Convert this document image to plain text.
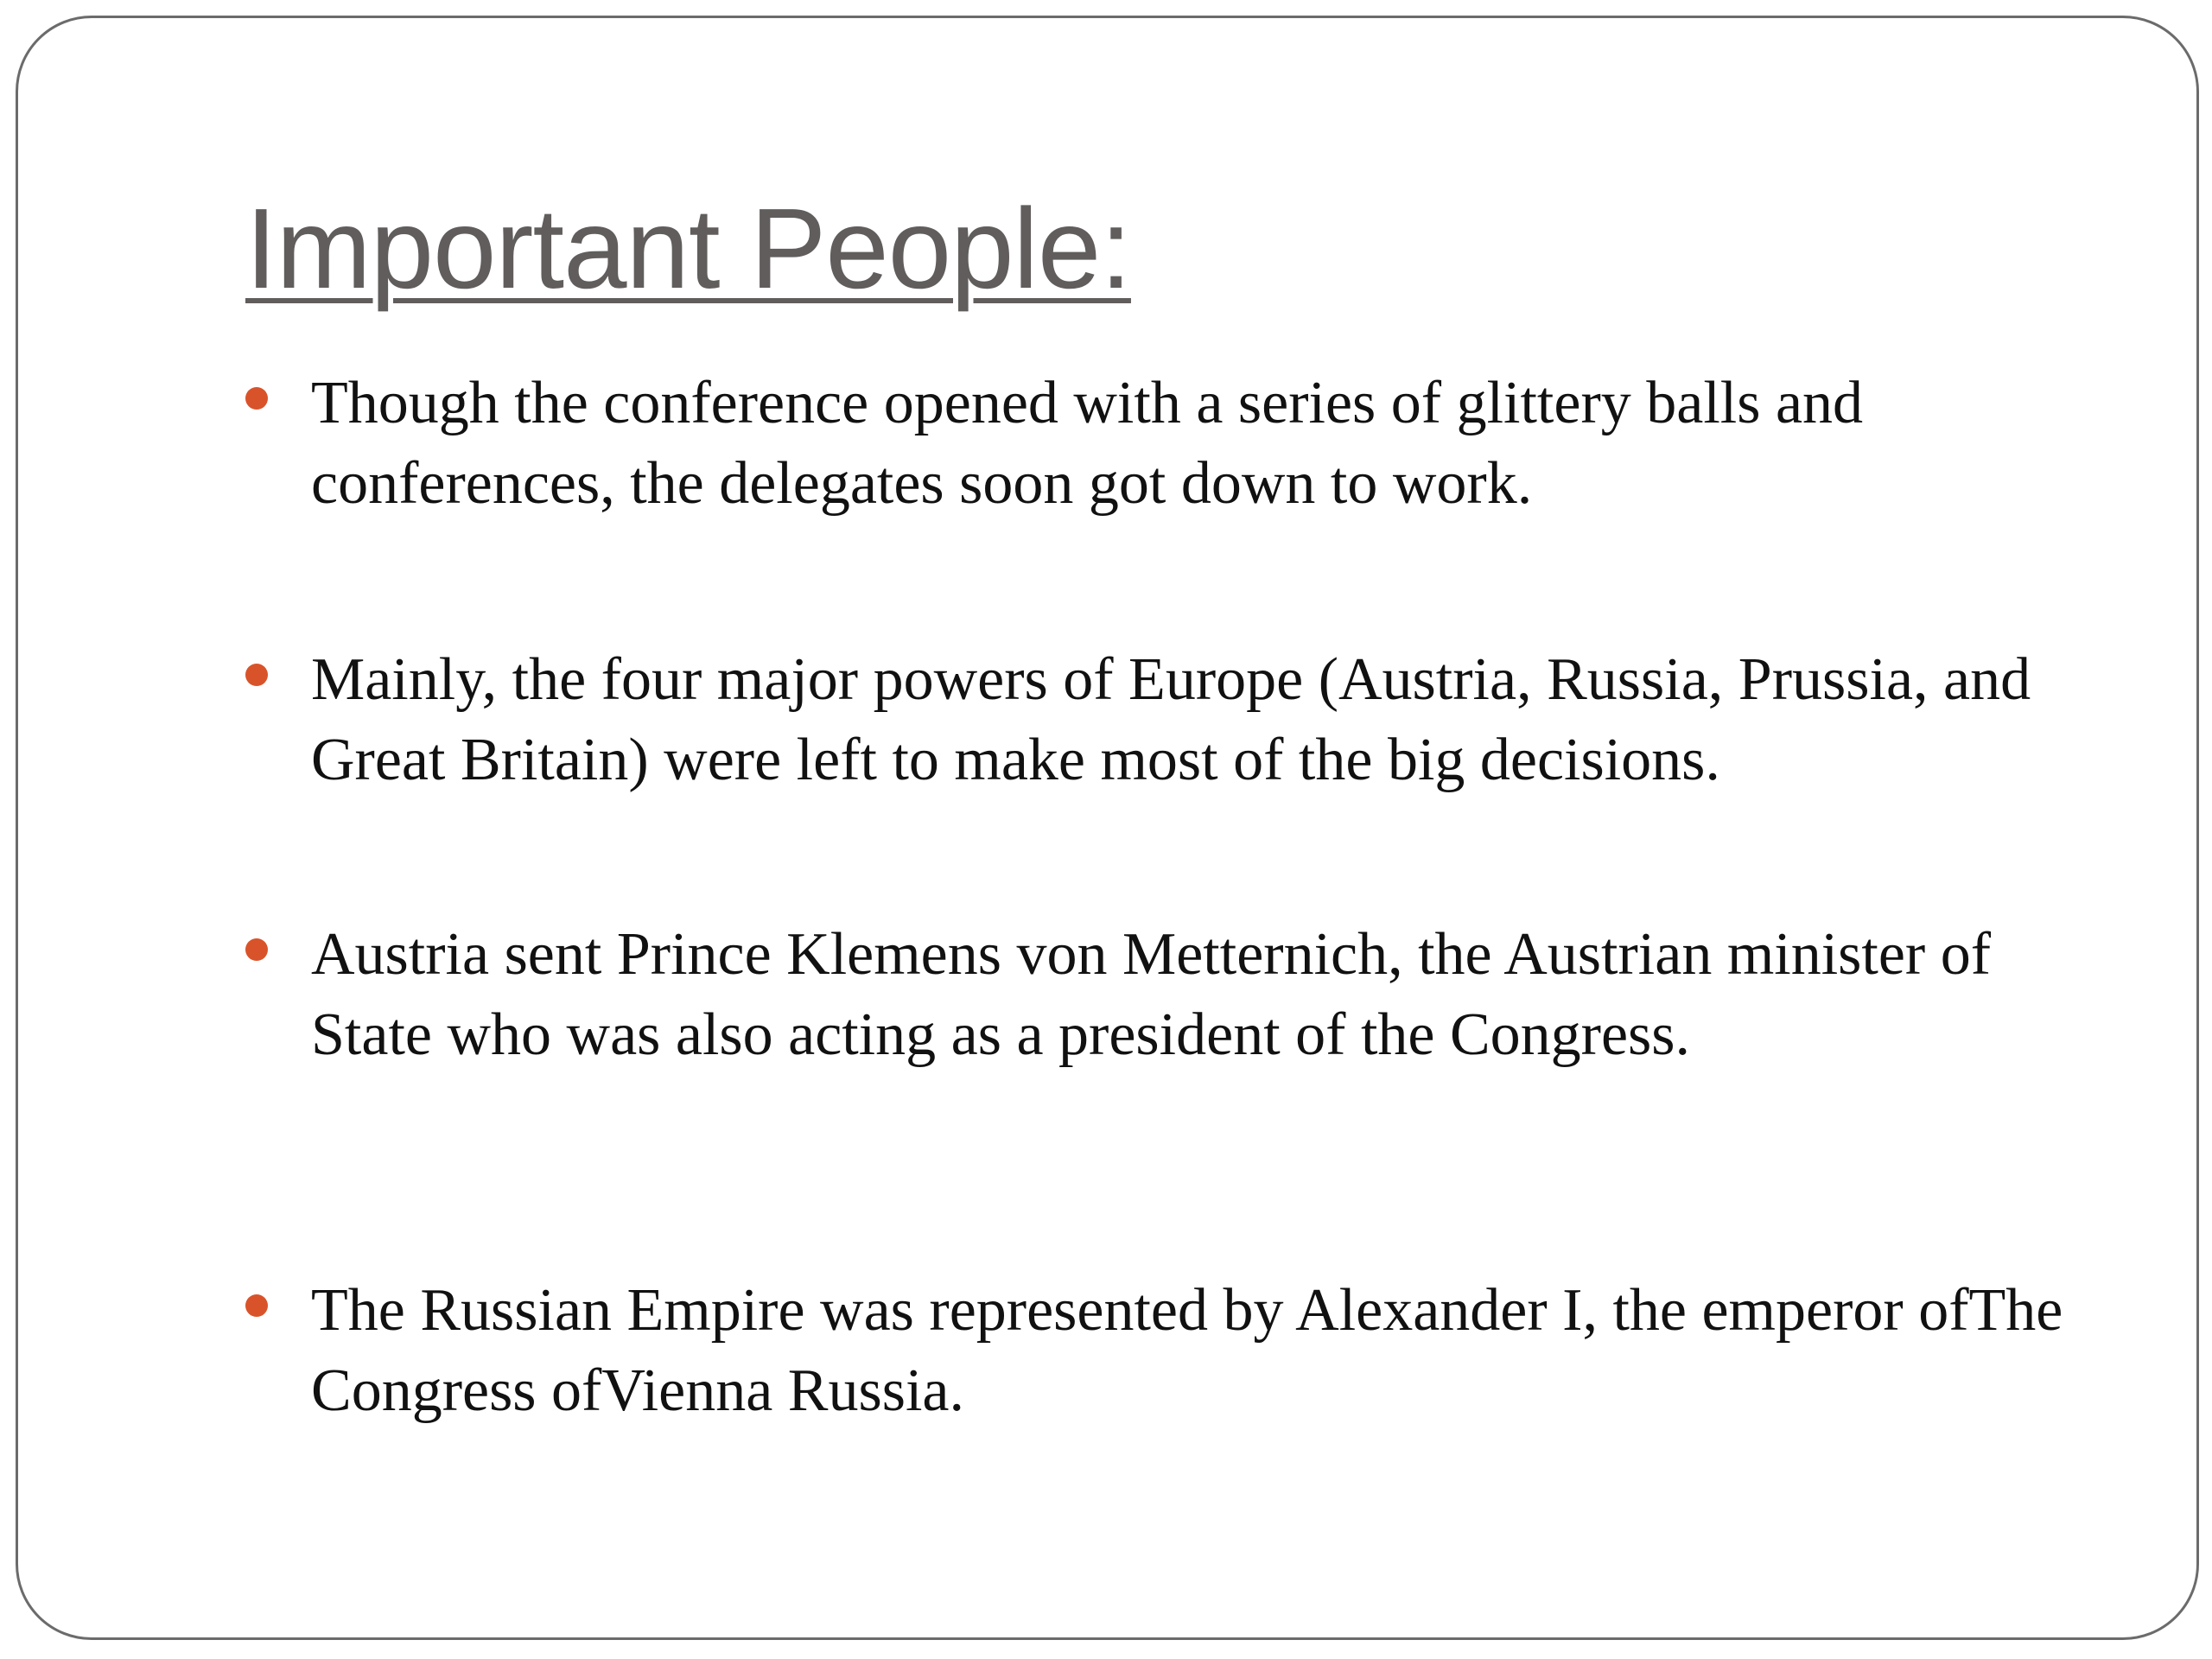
Important People:

Though the conference opened with a series of glittery balls and conferences, the delegates soon got down to work.

Mainly, the four major powers of Europe (Austria, Russia, Prussia, and Great Britain) were left to make most of the big decisions.

Austria sent Prince Klemens von Metternich, the Austrian minister of State who was also acting as a president of the Congress.

The Russian Empire was represented by Alexander I, the emperor ofThe Congress ofVienna Russia.
